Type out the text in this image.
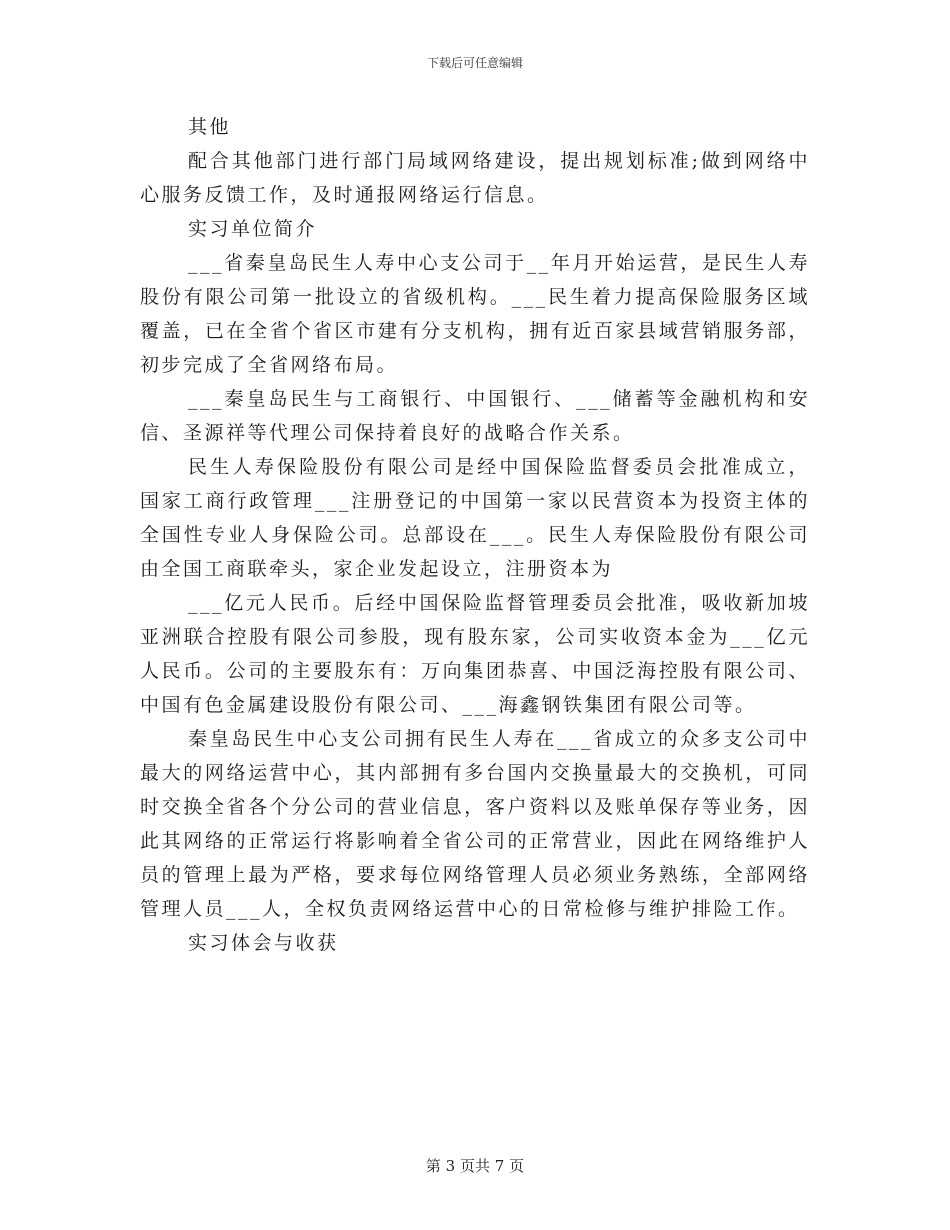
下载后可任意编辑

其他

配合其他部门进行部门局域网络建设，提出规划标准;做到网络中心服务反馈工作，及时通报网络运行信息。

实习单位简介

___省秦皇岛民生人寿中心支公司于__年月开始运营，是民生人寿股份有限公司第一批设立的省级机构。___民生着力提高保险服务区域覆盖，已在全省个省区市建有分支机构，拥有近百家县域营销服务部，初步完成了全省网络布局。

___秦皇岛民生与工商银行、中国银行、___储蓄等金融机构和安信、圣源祥等代理公司保持着良好的战略合作关系。

民生人寿保险股份有限公司是经中国保险监督委员会批准成立，国家工商行政管理___注册登记的中国第一家以民营资本为投资主体的全国性专业人身保险公司。总部设在___。民生人寿保险股份有限公司由全国工商联牵头，家企业发起设立，注册资本为

___亿元人民币。后经中国保险监督管理委员会批准，吸收新加坡亚洲联合控股有限公司参股，现有股东家，公司实收资本金为___亿元人民币。公司的主要股东有：万向集团恭喜、中国泛海控股有限公司、中国有色金属建设股份有限公司、___海鑫钢铁集团有限公司等。

秦皇岛民生中心支公司拥有民生人寿在___省成立的众多支公司中最大的网络运营中心，其内部拥有多台国内交换量最大的交换机，可同时交换全省各个分公司的营业信息，客户资料以及账单保存等业务，因此其网络的正常运行将影响着全省公司的正常营业，因此在网络维护人员的管理上最为严格，要求每位网络管理人员必须业务熟练，全部网络管理人员___人，全权负责网络运营中心的日常检修与维护排险工作。

实习体会与收获

第 3 页共 7 页
